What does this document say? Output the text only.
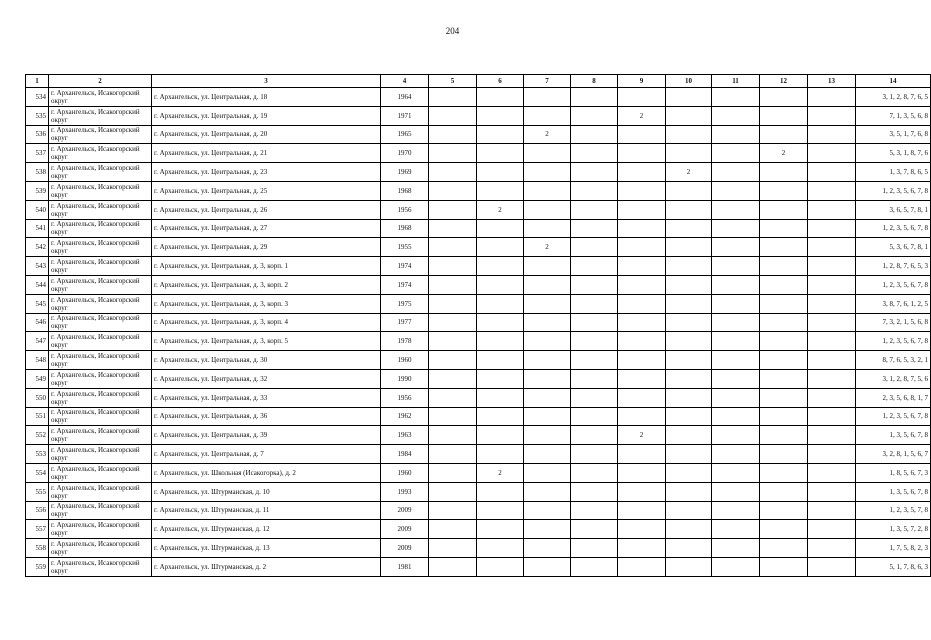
204
1	2	3	4	5	6	7	8	9	10	11	12	13	14
534	г. Архангельск, Исакогорский округ	г. Архангельск, ул. Центральная, д. 18	1964										3, 1, 2, 8, 7, 6, 5
535	г. Архангельск, Исакогорский округ	г. Архангельск, ул. Центральная, д. 19	1971					2					7, 1, 3, 5, 6, 8
536	г. Архангельск, Исакогорский округ	г. Архангельск, ул. Центральная, д. 20	1965			2							3, 5, 1, 7, 6, 8
537	г. Архангельск, Исакогорский округ	г. Архангельск, ул. Центральная, д. 21	1970								2		5, 3, 1, 8, 7, 6
538	г. Архангельск, Исакогорский округ	г. Архангельск, ул. Центральная, д. 23	1969						2				1, 3, 7, 8, 6, 5
539	г. Архангельск, Исакогорский округ	г. Архангельск, ул. Центральная, д. 25	1968										1, 2, 3, 5, 6, 7, 8
540	г. Архангельск, Исакогорский округ	г. Архангельск, ул. Центральная, д. 26	1956		2								3, 6, 5, 7, 8, 1
541	г. Архангельск, Исакогорский округ	г. Архангельск, ул. Центральная, д. 27	1968										1, 2, 3, 5, 6, 7, 8
542	г. Архангельск, Исакогорский округ	г. Архангельск, ул. Центральная, д. 29	1955			2							5, 3, 6, 7, 8, 1
543	г. Архангельск, Исакогорский округ	г. Архангельск, ул. Центральная, д. 3, корп. 1	1974										1, 2, 8, 7, 6, 5, 3
544	г. Архангельск, Исакогорский округ	г. Архангельск, ул. Центральная, д. 3, корп. 2	1974										1, 2, 3, 5, 6, 7, 8
545	г. Архангельск, Исакогорский округ	г. Архангельск, ул. Центральная, д. 3, корп. 3	1975										3, 8, 7, 6, 1, 2, 5
546	г. Архангельск, Исакогорский округ	г. Архангельск, ул. Центральная, д. 3, корп. 4	1977										7, 3, 2, 1, 5, 6, 8
547	г. Архангельск, Исакогорский округ	г. Архангельск, ул. Центральная, д. 3, корп. 5	1978										1, 2, 3, 5, 6, 7, 8
548	г. Архангельск, Исакогорский округ	г. Архангельск, ул. Центральная, д. 30	1960										8, 7, 6, 5, 3, 2, 1
549	г. Архангельск, Исакогорский округ	г. Архангельск, ул. Центральная, д. 32	1990										3, 1, 2, 8, 7, 5, 6
550	г. Архангельск, Исакогорский округ	г. Архангельск, ул. Центральная, д. 33	1956										2, 3, 5, 6, 8, 1, 7
551	г. Архангельск, Исакогорский округ	г. Архангельск, ул. Центральная, д. 36	1962										1, 2, 3, 5, 6, 7, 8
552	г. Архангельск, Исакогорский округ	г. Архангельск, ул. Центральная, д. 39	1963					2					1, 3, 5, 6, 7, 8
553	г. Архангельск, Исакогорский округ	г. Архангельск, ул. Центральная, д. 7	1984										3, 2, 8, 1, 5, 6, 7
554	г. Архангельск, Исакогорский округ	г. Архангельск, ул. Школьная (Исакогорка), д. 2	1960		2								1, 8, 5, 6, 7, 3
555	г. Архангельск, Исакогорский округ	г. Архангельск, ул. Штурманская, д. 10	1993										1, 3, 5, 6, 7, 8
556	г. Архангельск, Исакогорский округ	г. Архангельск, ул. Штурманская, д. 11	2009										1, 2, 3, 5, 7, 8
557	г. Архангельск, Исакогорский округ	г. Архангельск, ул. Штурманская, д. 12	2009										1, 3, 5, 7, 2, 8
558	г. Архангельск, Исакогорский округ	г. Архангельск, ул. Штурманская, д. 13	2009										1, 7, 5, 8, 2, 3
559	г. Архангельск, Исакогорский округ	г. Архангельск, ул. Штурманская, д. 2	1981										5, 1, 7, 8, 6, 3
